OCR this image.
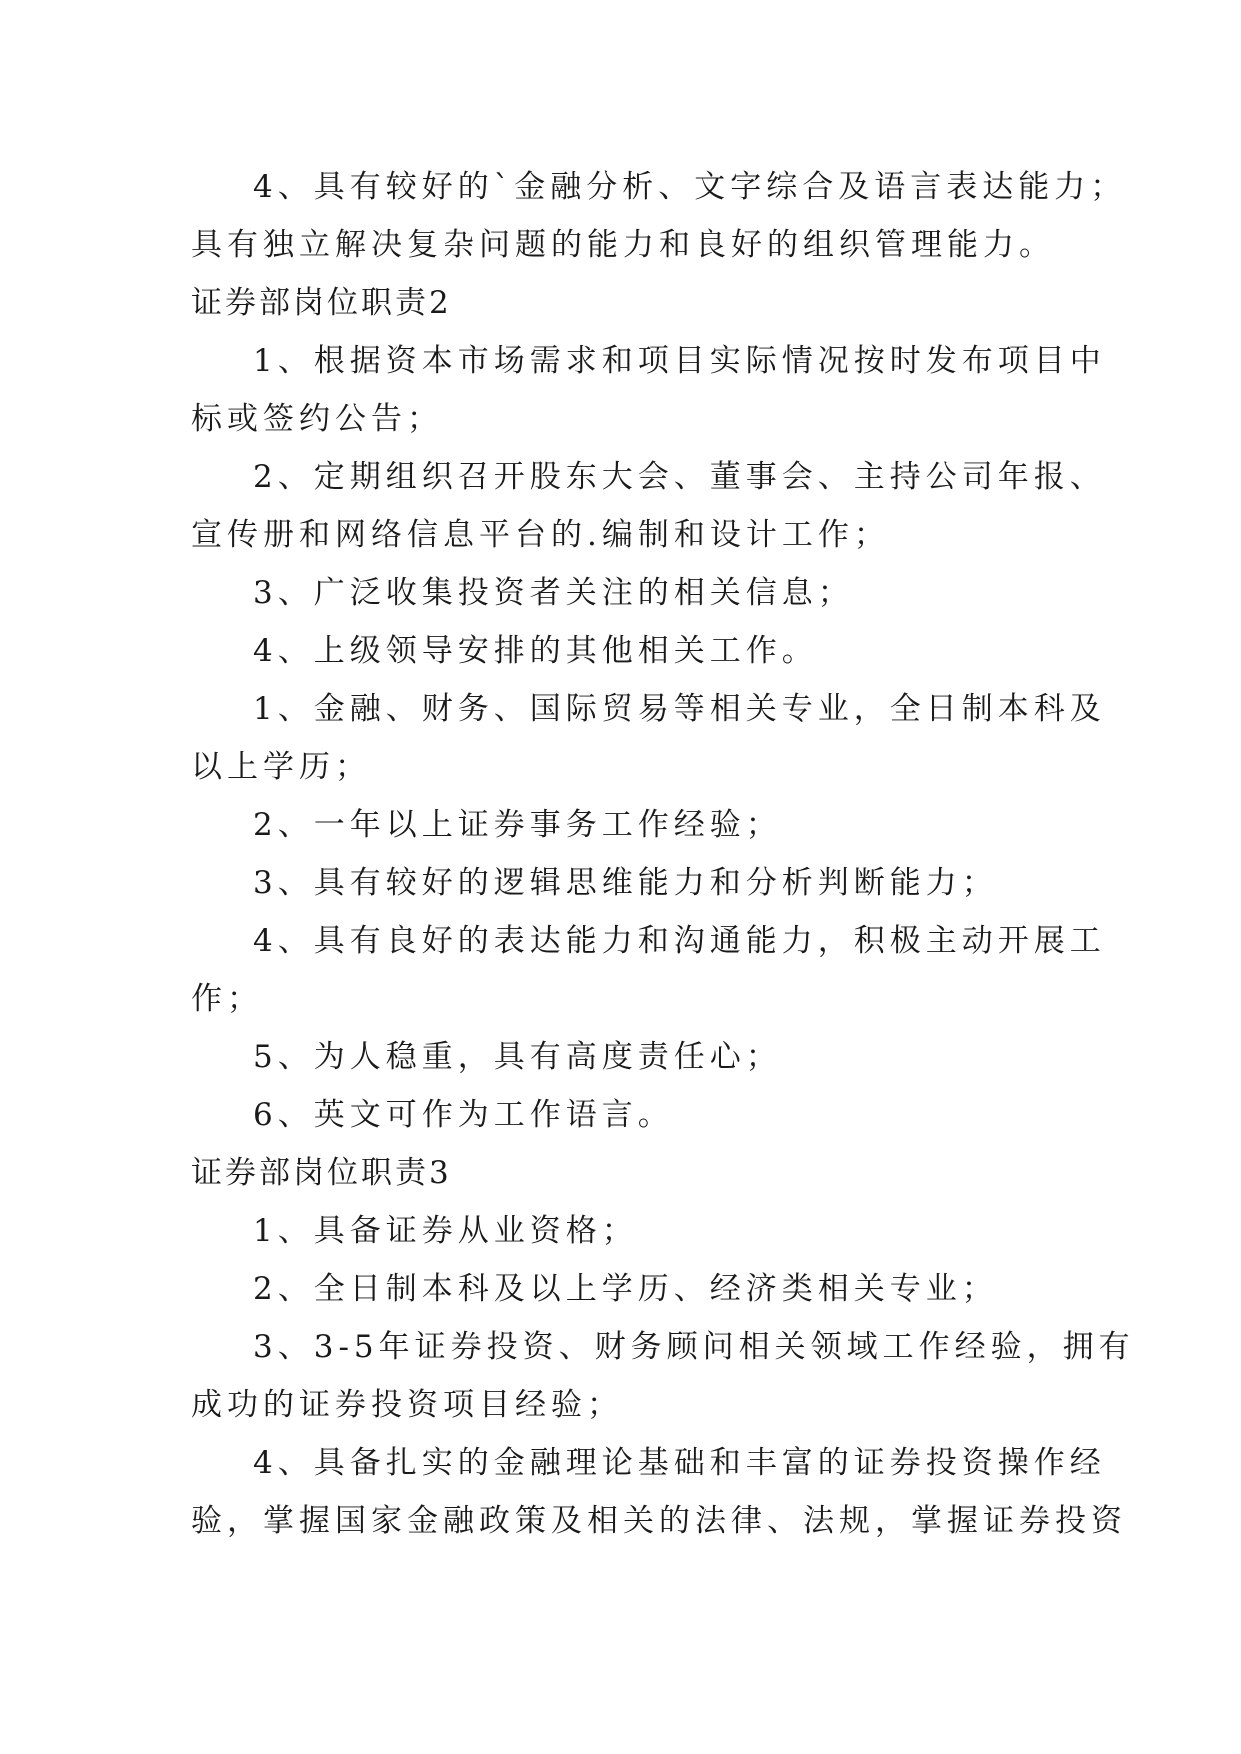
4、具有较好的`金融分析、文字综合及语言表达能力；
具有独立解决复杂问题的能力和良好的组织管理能力。
证券部岗位职责2
1、根据资本市场需求和项目实际情况按时发布项目中
标或签约公告；
2、定期组织召开股东大会、董事会、主持公司年报、
宣传册和网络信息平台的.编制和设计工作；
3、广泛收集投资者关注的相关信息；
4、上级领导安排的其他相关工作。
1、金融、财务、国际贸易等相关专业，全日制本科及
以上学历；
2、一年以上证券事务工作经验；
3、具有较好的逻辑思维能力和分析判断能力；
4、具有良好的表达能力和沟通能力，积极主动开展工
作；
5、为人稳重，具有高度责任心；
6、英文可作为工作语言。
证券部岗位职责3
1、具备证券从业资格；
2、全日制本科及以上学历、经济类相关专业；
3、3-5年证券投资、财务顾问相关领域工作经验，拥有
成功的证券投资项目经验；
4、具备扎实的金融理论基础和丰富的证券投资操作经
验，掌握国家金融政策及相关的法律、法规，掌握证券投资
